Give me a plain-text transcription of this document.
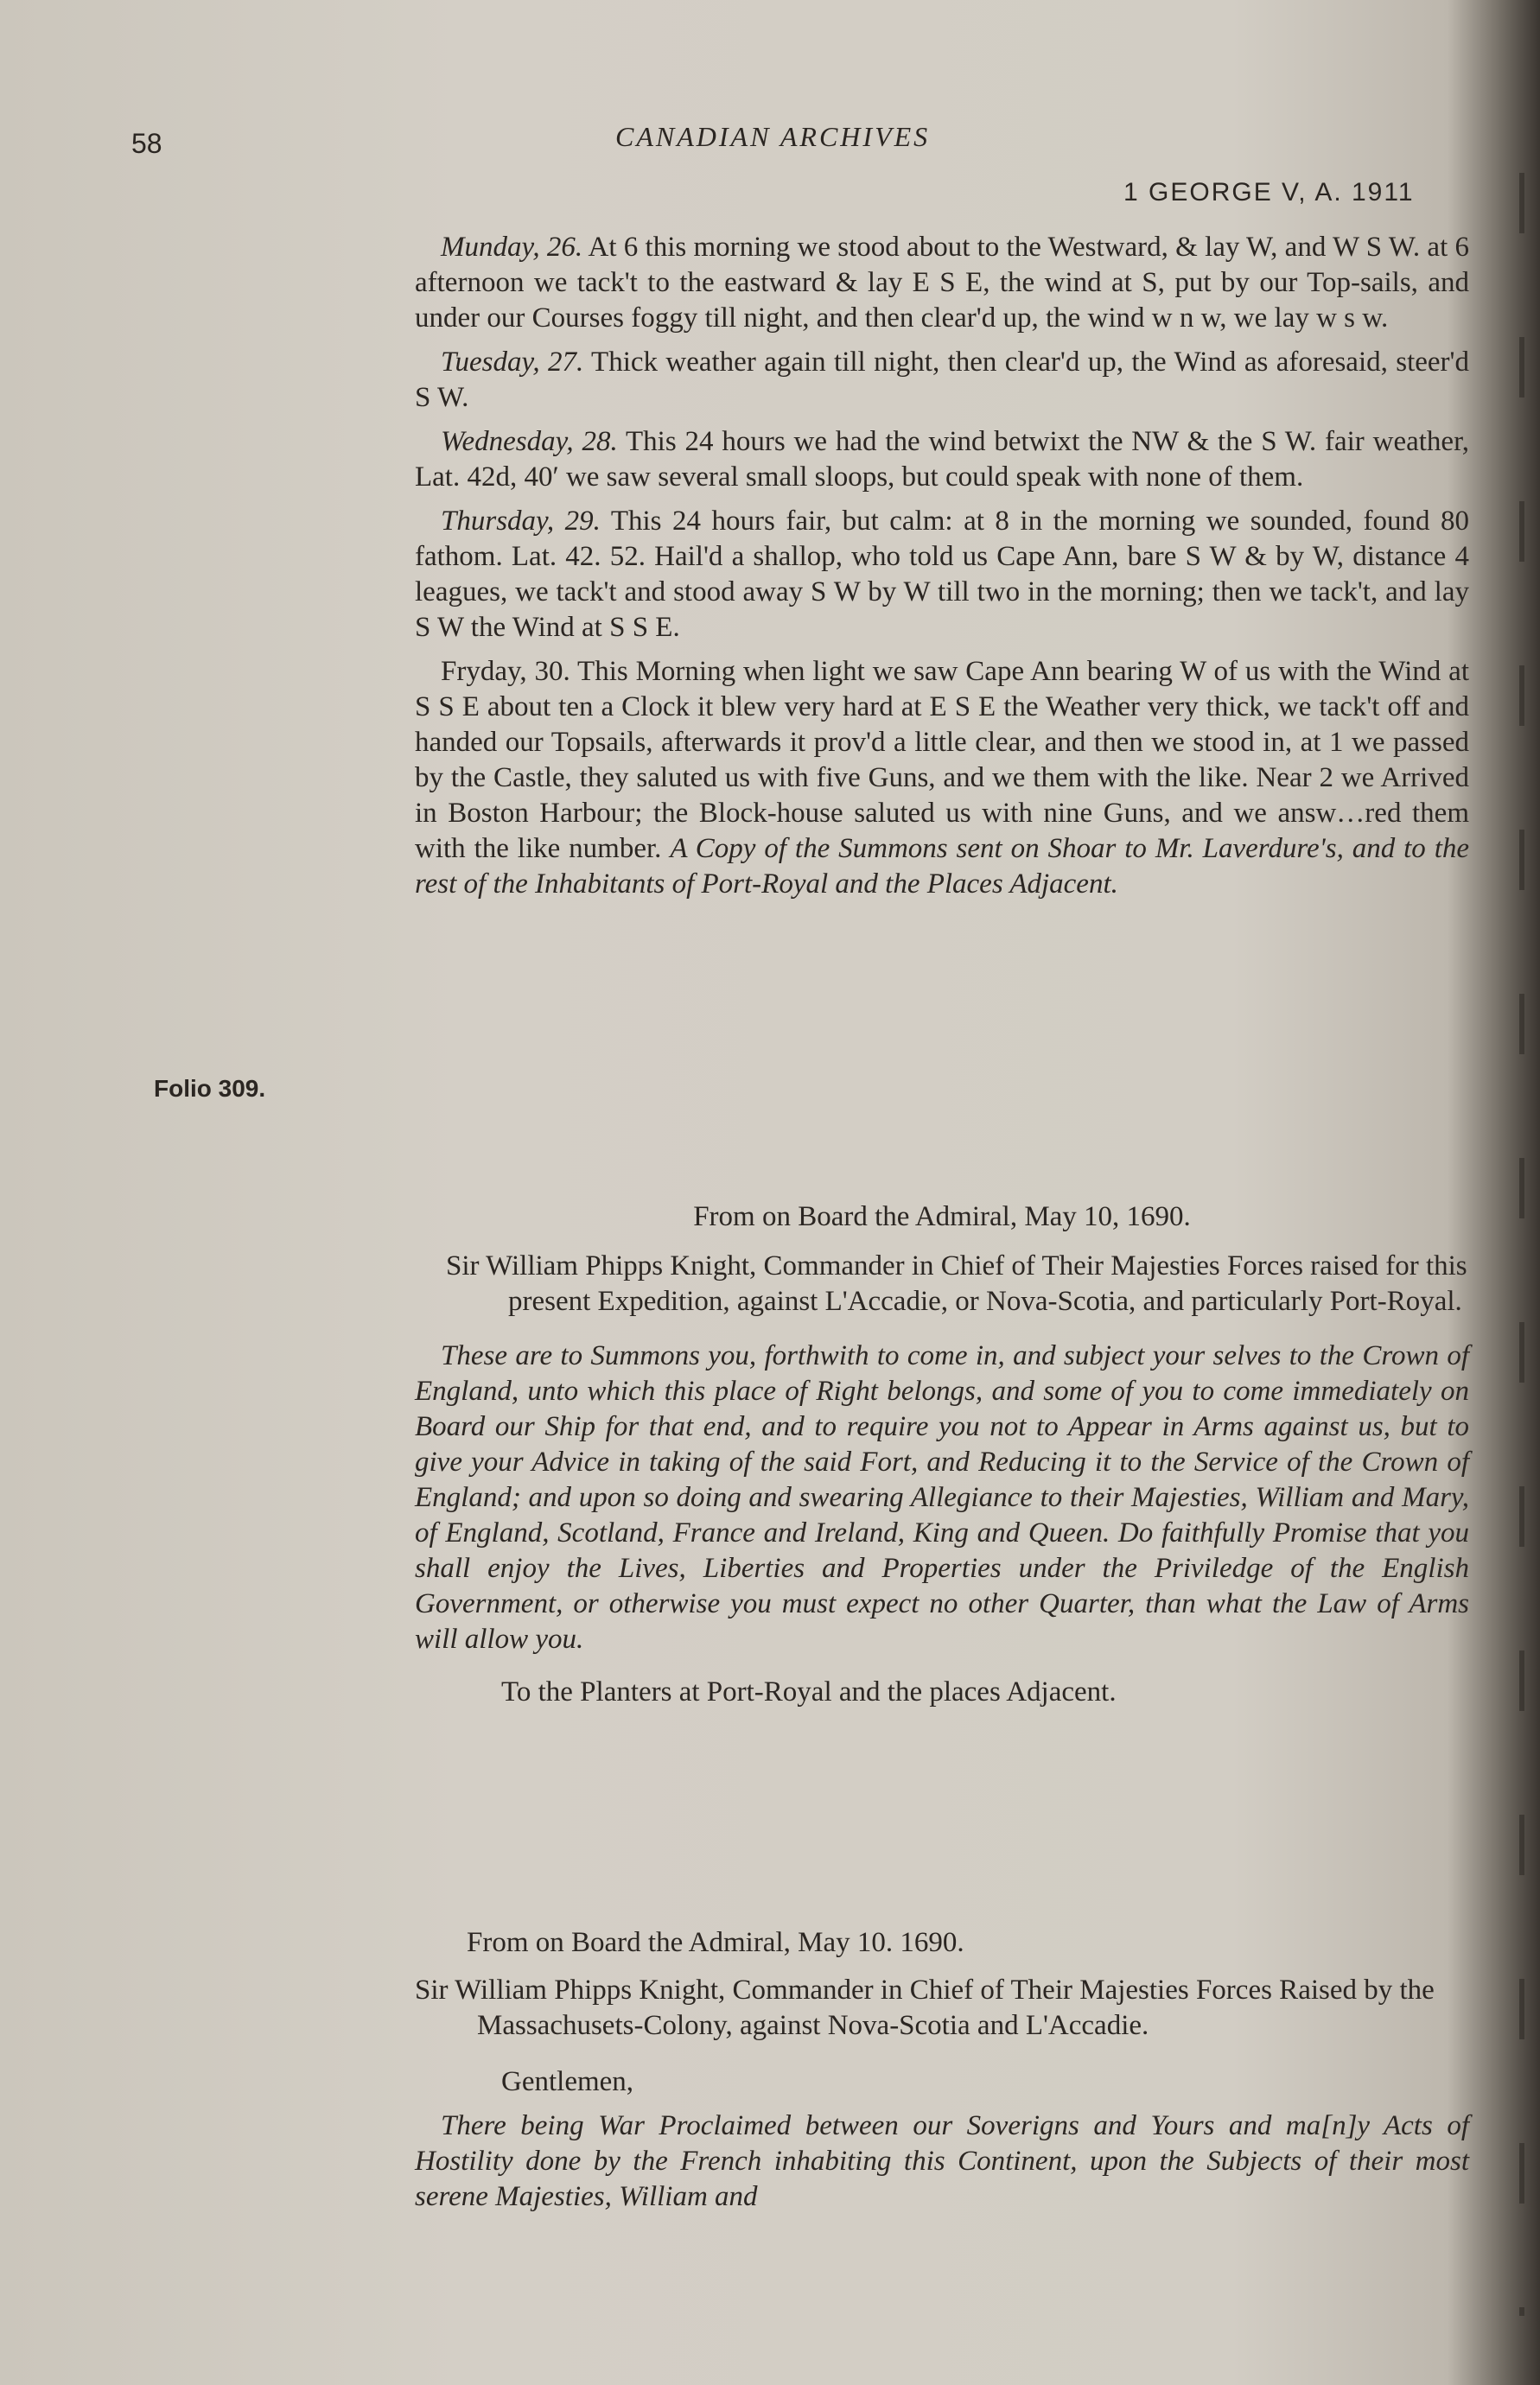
58	CANADIAN ARCHIVES
1 GEORGE V, A. 1911
Folio 309.

Munday, 26. At 6 this morning we stood about to the Westward, & lay W, and W S W. at 6 afternoon we tack't to the eastward & lay E S E, the wind at S, put by our Top-sails, and under our Courses foggy till night, and then clear'd up, the wind w n w, we lay w s w.

Tuesday, 27. Thick weather again till night, then clear'd up, the Wind as aforesaid, steer'd S W.

Wednesday, 28. This 24 hours we had the wind betwixt the NW & the S W. fair weather, Lat. 42d, 40′ we saw several small sloops, but could speak with none of them.

Thursday, 29. This 24 hours fair, but calm: at 8 in the morning we sounded, found 80 fathom. Lat. 42. 52. Hail'd a shallop, who told us Cape Ann, bare S W & by W, distance 4 leagues, we tack't and stood away S W by W till two in the morning; then we tack't, and lay S W the Wind at S S E.

Fryday, 30. This Morning when light we saw Cape Ann bearing W of us with the Wind at S S E about ten a Clock it blew very hard at E S E the Weather very thick, we tack't off and handed our Topsails, afterwards it prov'd a little clear, and then we stood in, at 1 we passed by the Castle, they saluted us with five Guns, and we them with the like. Near 2 we Arrived in Boston Harbour; the Block-house saluted us with nine Guns, and we answ…red them with the like number. A Copy of the Summons sent on Shoar to Mr. Laverdure's, and to the rest of the Inhabitants of Port-Royal and the Places Adjacent.

From on Board the Admiral, May 10, 1690.

Sir William Phipps Knight, Commander in Chief of Their Majesties Forces raised for this present Expedition, against L'Accadie, or Nova-Scotia, and particularly Port-Royal.

These are to Summons you, forthwith to come in, and subject your selves to the Crown of England, unto which this place of Right belongs, and some of you to come immediately on Board our Ship for that end, and to require you not to Appear in Arms against us, but to give your Advice in taking of the said Fort, and Reducing it to the Service of the Crown of England; and upon so doing and swearing Allegiance to their Majesties, William and Mary, of England, Scotland, France and Ireland, King and Queen. Do faithfully Promise that you shall enjoy the Lives, Liberties and Properties under the Priviledge of the English Government, or otherwise you must expect no other Quarter, than what the Law of Arms will allow you.

To the Planters at Port-Royal and the places Adjacent.

From on Board the Admiral, May 10. 1690.

Sir William Phipps Knight, Commander in Chief of Their Majesties Forces Raised by the Massachusets-Colony, against Nova-Scotia and L'Accadie.

Gentlemen,

There being War Proclaimed between our Soverigns and Yours and ma[n]y Acts of Hostility done by the French inhabiting this Continent, upon the Subjects of their most serene Majesties, William and
